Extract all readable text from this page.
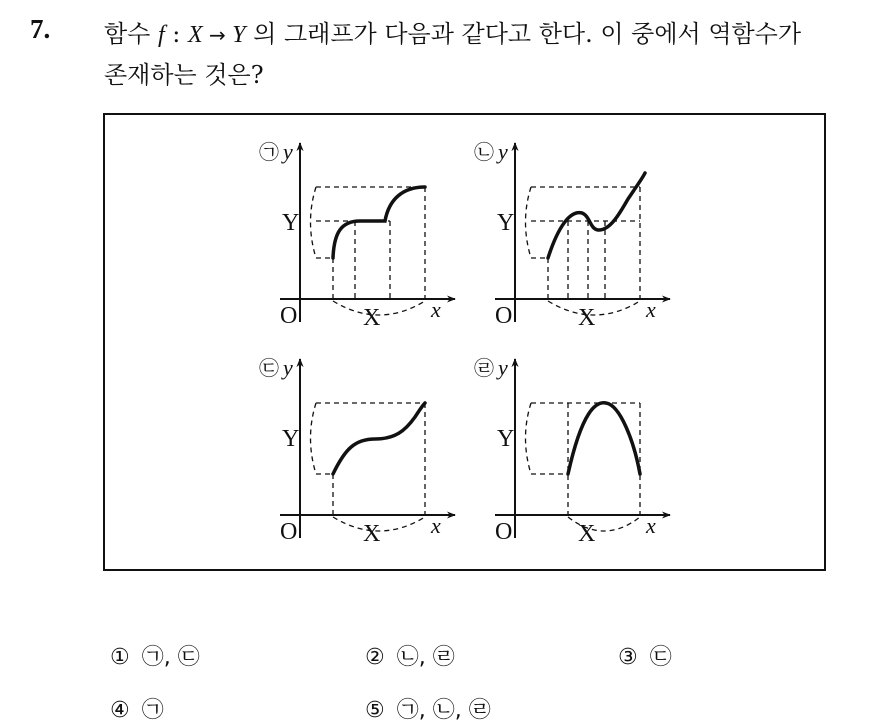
7. 함수 f : X → Y 의 그래프가 다음과 같다고 한다. 이 중에서 역함수가
존재하는 것은?
㉠ y
Y
O	X x
㉡ y
Y
O	X x
㉢ y
Y
O	X x
㉣ y
Y
O	X x
① ㉠, ㉢	② ㉡, ㉣	③ ㉢
④ ㉠	⑤ ㉠, ㉡, ㉣
